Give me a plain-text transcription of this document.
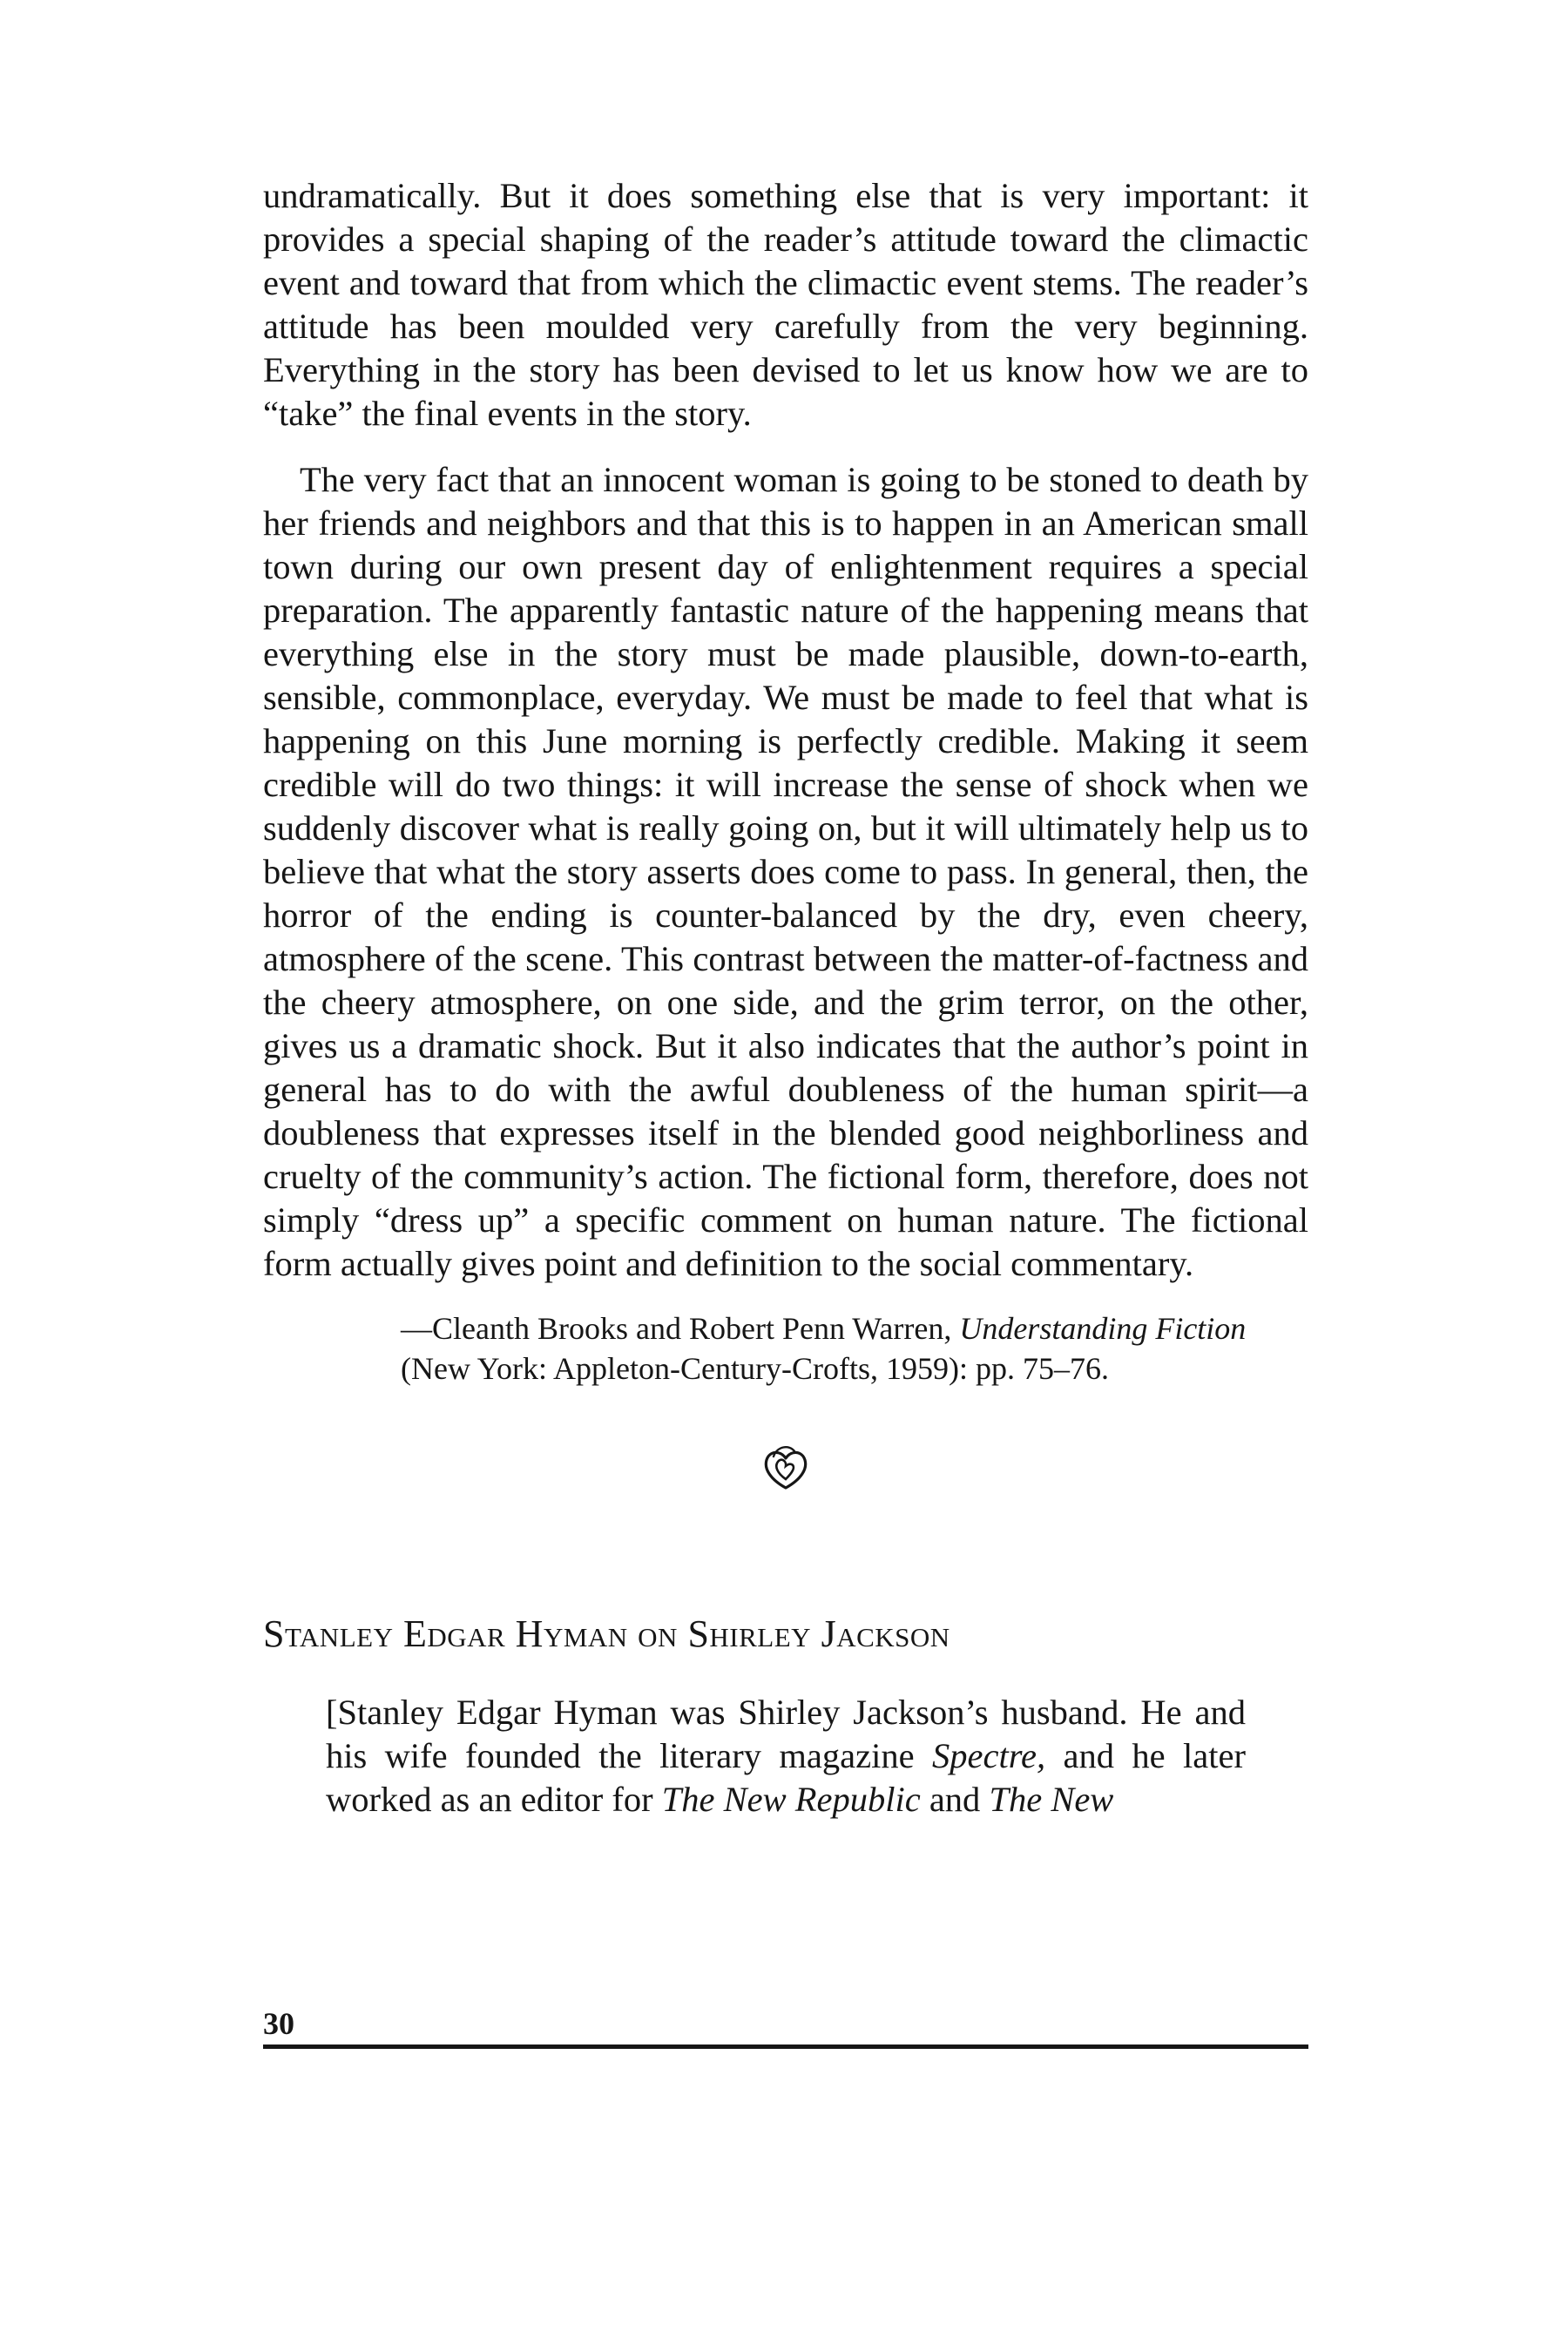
undramatically. But it does something else that is very important: it provides a special shaping of the reader’s attitude toward the climactic event and toward that from which the climactic event stems. The reader’s attitude has been moulded very carefully from the very beginning. Everything in the story has been devised to let us know how we are to “take” the final events in the story.

The very fact that an innocent woman is going to be stoned to death by her friends and neighbors and that this is to happen in an American small town during our own present day of enlightenment requires a special preparation. The apparently fantastic nature of the happening means that everything else in the story must be made plausible, down-to-earth, sensible, commonplace, everyday. We must be made to feel that what is happening on this June morning is perfectly credible. Making it seem credible will do two things: it will increase the sense of shock when we suddenly discover what is really going on, but it will ultimately help us to believe that what the story asserts does come to pass. In general, then, the horror of the ending is counter-balanced by the dry, even cheery, atmosphere of the scene. This contrast between the matter-of-factness and the cheery atmosphere, on one side, and the grim terror, on the other, gives us a dramatic shock. But it also indicates that the author’s point in general has to do with the awful doubleness of the human spirit—a doubleness that expresses itself in the blended good neighborliness and cruelty of the community’s action. The fictional form, therefore, does not simply “dress up” a specific comment on human nature. The fictional form actually gives point and definition to the social commentary.

—Cleanth Brooks and Robert Penn Warren, Understanding Fiction
(New York: Appleton-Century-Crofts, 1959): pp. 75–76.

Stanley Edgar Hyman on Shirley Jackson

[Stanley Edgar Hyman was Shirley Jackson’s husband. He and his wife founded the literary magazine Spectre, and he later worked as an editor for The New Republic and The New

30
